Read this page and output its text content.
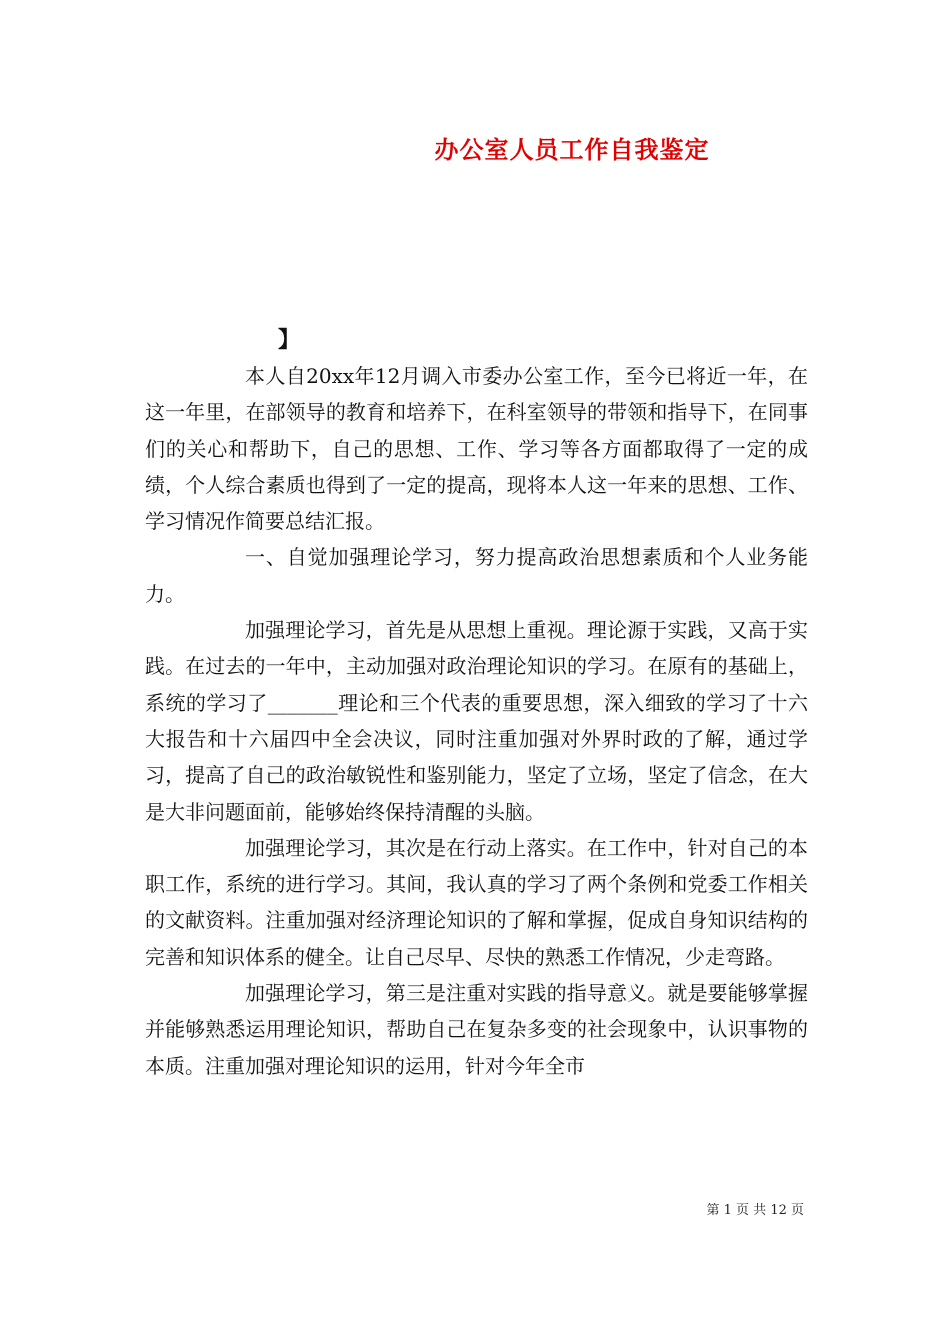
办公室人员工作自我鉴定
】

本人自20xx年12月调入市委办公室工作，至今已将近一年，在这一年里，在部领导的教育和培养下，在科室领导的带领和指导下，在同事们的关心和帮助下，自己的思想、工作、学习等各方面都取得了一定的成绩，个人综合素质也得到了一定的提高，现将本人这一年来的思想、工作、学习情况作简要总结汇报。

一、自觉加强理论学习，努力提高政治思想素质和个人业务能力。

加强理论学习，首先是从思想上重视。理论源于实践，又高于实践。在过去的一年中，主动加强对政治理论知识的学习。在原有的基础上，系统的学习了_______理论和三个代表的重要思想，深入细致的学习了十六大报告和十六届四中全会决议，同时注重加强对外界时政的了解，通过学习，提高了自己的政治敏锐性和鉴别能力，坚定了立场，坚定了信念，在大是大非问题面前，能够始终保持清醒的头脑。

加强理论学习，其次是在行动上落实。在工作中，针对自己的本职工作，系统的进行学习。其间，我认真的学习了两个条例和党委工作相关的文献资料。注重加强对经济理论知识的了解和掌握，促成自身知识结构的完善和知识体系的健全。让自己尽早、尽快的熟悉工作情况，少走弯路。

加强理论学习，第三是注重对实践的指导意义。就是要能够掌握并能够熟悉运用理论知识，帮助自己在复杂多变的社会现象中，认识事物的本质。注重加强对理论知识的运用，针对今年全市

第 1 页 共 12 页
